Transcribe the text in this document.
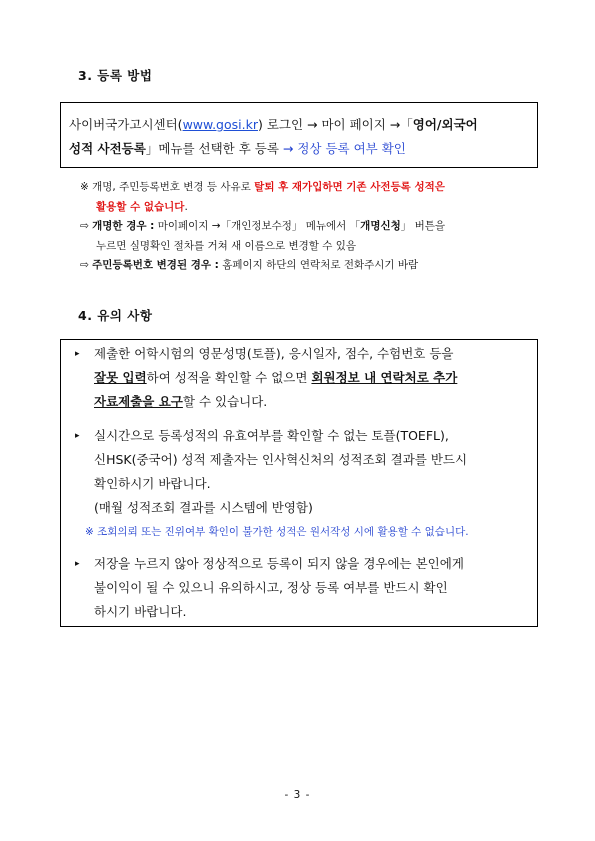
3. 등록 방법
사이버국가고시센터(www.gosi.kr) 로그인 → 마이 페이지 →「영어/외국어
성적 사전등록」메뉴를 선택한 후 등록 → 정상 등록 여부 확인
※ 개명, 주민등록번호 변경 등 사유로 탈퇴 후 재가입하면 기존 사전등록 성적은
활용할 수 없습니다.
⇨ 개명한 경우 : 마이페이지 →「개인정보수정」 메뉴에서 「개명신청」 버튼을
누르면 실명확인 절차를 거쳐 새 이름으로 변경할 수 있음
⇨ 주민등록번호 변경된 경우 : 홈페이지 하단의 연락처로 전화주시기 바람
4. 유의 사항
▸ 제출한 어학시험의 영문성명(토플), 응시일자, 점수, 수험번호 등을
잘못 입력하여 성적을 확인할 수 없으면 회원정보 내 연락처로 추가
자료제출을 요구할 수 있습니다.
▸ 실시간으로 등록성적의 유효여부를 확인할 수 없는 토플(TOEFL),
신HSK(중국어) 성적 제출자는 인사혁신처의 성적조회 결과를 반드시
확인하시기 바랍니다.
(매월 성적조회 결과를 시스템에 반영함)
※ 조회의뢰 또는 진위여부 확인이 불가한 성적은 원서작성 시에 활용할 수 없습니다.
▸ 저장을 누르지 않아 정상적으로 등록이 되지 않을 경우에는 본인에게
불이익이 될 수 있으니 유의하시고, 정상 등록 여부를 반드시 확인
하시기 바랍니다.
- 3 -
